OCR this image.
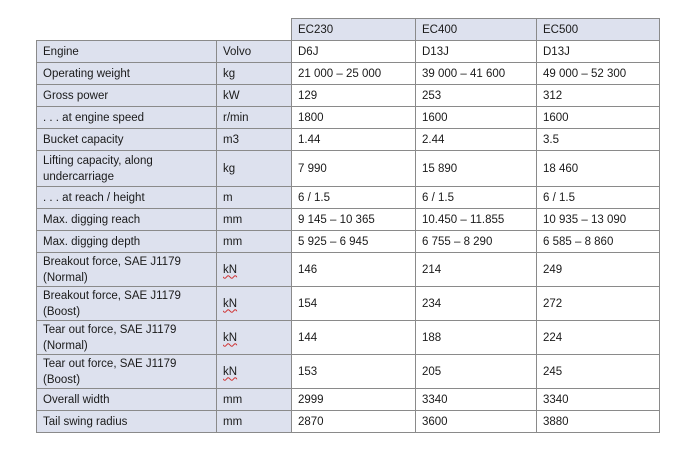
		EC230	EC400	EC500
Engine	Volvo	D6J	D13J	D13J
Operating weight	kg	21 000 – 25 000	39 000 – 41 600	49 000 – 52 300
Gross power	kW	129	253	312
. . . at engine speed	r/min	1800	1600	1600
Bucket capacity	m3	1.44	2.44	3.5
Lifting capacity, along undercarriage	kg	7 990	15 890	18 460
. . . at reach / height	m	6 / 1.5	6 / 1.5	6 / 1.5
Max. digging reach	mm	9 145 – 10 365	10.450 – 11.855	10 935 – 13 090
Max. digging depth	mm	5 925 – 6 945	6 755 – 8 290	6 585 – 8 860
Breakout force, SAE J1179 (Normal)	kN	146	214	249
Breakout force, SAE J1179 (Boost)	kN	154	234	272
Tear out force, SAE J1179 (Normal)	kN	144	188	224
Tear out force, SAE J1179 (Boost)	kN	153	205	245
Overall width	mm	2999	3340	3340
Tail swing radius	mm	2870	3600	3880
